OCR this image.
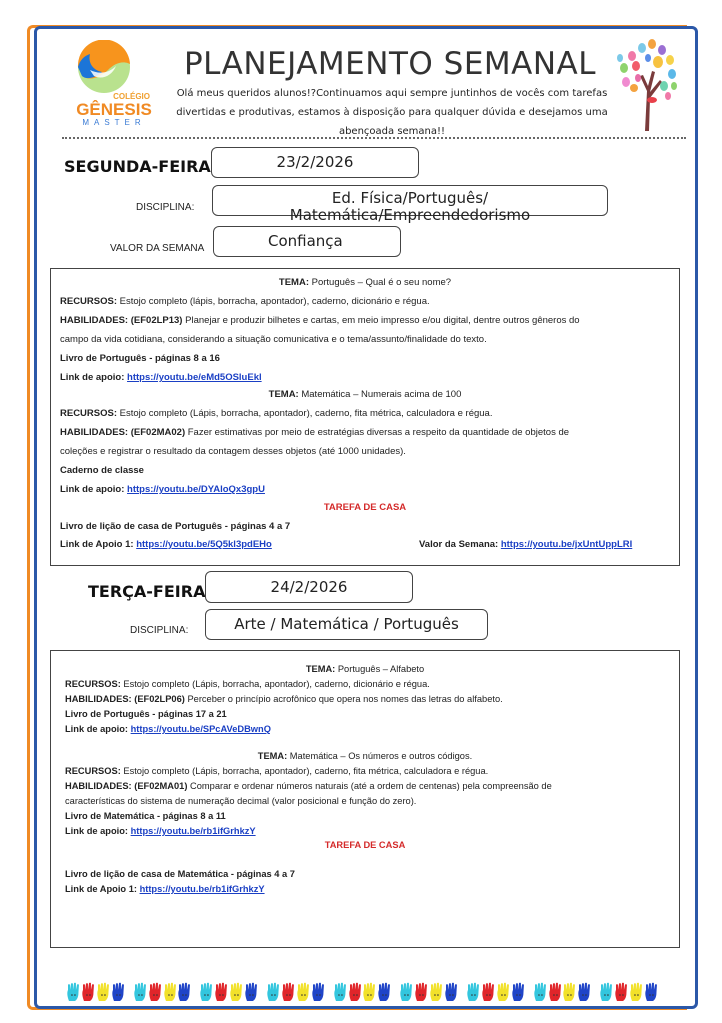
COLÉGIO
GÊNESIS
MASTER
PLANEJAMENTO SEMANAL
Olá meus queridos alunos!?Continuamos aqui sempre juntinhos de vocês com tarefas
divertidas e produtivas, estamos à disposição para qualquer dúvida e desejamos uma
abençoada semana!!
SEGUNDA-FEIRA	23/2/2026
DISCIPLINA:
Ed. Física/Português/
Matemática/Empreendedorismo
VALOR DA SEMANA	Confiança
TEMA: Português – Qual é o seu nome?
RECURSOS: Estojo completo (lápis, borracha, apontador), caderno, dicionário e régua.
HABILIDADES: (EF02LP13) Planejar e produzir bilhetes e cartas, em meio impresso e/ou digital, dentre outros gêneros do
campo da vida cotidiana, considerando a situação comunicativa e o tema/assunto/finalidade do texto.
Livro de Português - páginas 8 a 16
Link de apoio: https://youtu.be/eMd5OSluEkl
TEMA: Matemática – Numerais acima de 100
RECURSOS: Estojo completo (Lápis, borracha, apontador), caderno, fita métrica, calculadora e régua.
HABILIDADES: (EF02MA02) Fazer estimativas por meio de estratégias diversas a respeito da quantidade de objetos de
coleções e registrar o resultado da contagem desses objetos (até 1000 unidades).
Caderno de classe
Link de apoio: https://youtu.be/DYAloQx3gpU
TAREFA DE CASA
Livro de lição de casa de Português - páginas 4 a 7
Link de Apoio 1: https://youtu.be/5Q5kl3pdEHo	Valor da Semana: https://youtu.be/jxUntUppLRI
TERÇA-FEIRA	24/2/2026
DISCIPLINA:	Arte / Matemática / Português
TEMA: Português – Alfabeto
RECURSOS: Estojo completo (Lápis, borracha, apontador), caderno, dicionário e régua.
HABILIDADES: (EF02LP06) Perceber o princípio acrofônico que opera nos nomes das letras do alfabeto.
Livro de Português - páginas 17 a 21
Link de apoio: https://youtu.be/SPcAVeDBwnQ
TEMA: Matemática – Os números e outros códigos.
RECURSOS: Estojo completo (Lápis, borracha, apontador), caderno, fita métrica, calculadora e régua.
HABILIDADES: (EF02MA01) Comparar e ordenar números naturais (até a ordem de centenas) pela compreensão de
características do sistema de numeração decimal (valor posicional e função do zero).
Livro de Matemática - páginas 8 a 11
Link de apoio: https://youtu.be/rb1ifGrhkzY
TAREFA DE CASA
Livro de lição de casa de Matemática - páginas 4 a 7
Link de Apoio 1: https://youtu.be/rb1ifGrhkzY
